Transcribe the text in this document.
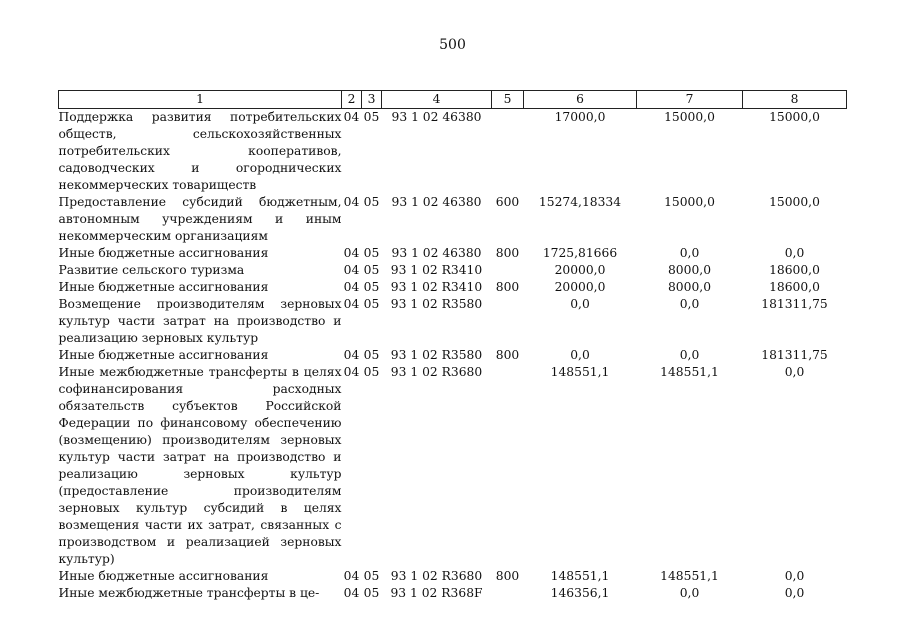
500
1	2	3	4	5	6	7	8
Поддержка развития потребительских обществ, сельскохозяйственных потребительских кооперативов, садоводческих и огороднических некоммерческих товариществ	04	05	93 1 02 46380		17000,0	15000,0	15000,0
Предоставление субсидий бюджетным, автономным учреждениям и иным некоммерческим организациям	04	05	93 1 02 46380	600	15274,18334	15000,0	15000,0
Иные бюджетные ассигнования	04	05	93 1 02 46380	800	1725,81666	0,0	0,0
Развитие сельского туризма	04	05	93 1 02 R3410		20000,0	8000,0	18600,0
Иные бюджетные ассигнования	04	05	93 1 02 R3410	800	20000,0	8000,0	18600,0
Возмещение производителям зерновых культур части затрат на производство и реализацию зерновых культур	04	05	93 1 02 R3580		0,0	0,0	181311,75
Иные бюджетные ассигнования	04	05	93 1 02 R3580	800	0,0	0,0	181311,75
Иные межбюджетные трансферты в целях софинансирования расходных обязательств субъектов Российской Федерации по финансовому обеспечению (возмещению) производителям зерновых культур части затрат на производство и реализацию зерновых культур (предоставление производителям зерновых культур субсидий в целях возмещения части их затрат, связанных с производством и реализацией зерновых культур)	04	05	93 1 02 R3680		148551,1	148551,1	0,0
Иные бюджетные ассигнования	04	05	93 1 02 R3680	800	148551,1	148551,1	0,0
Иные межбюджетные трансферты в це-	04	05	93 1 02 R368F		146356,1	0,0	0,0
